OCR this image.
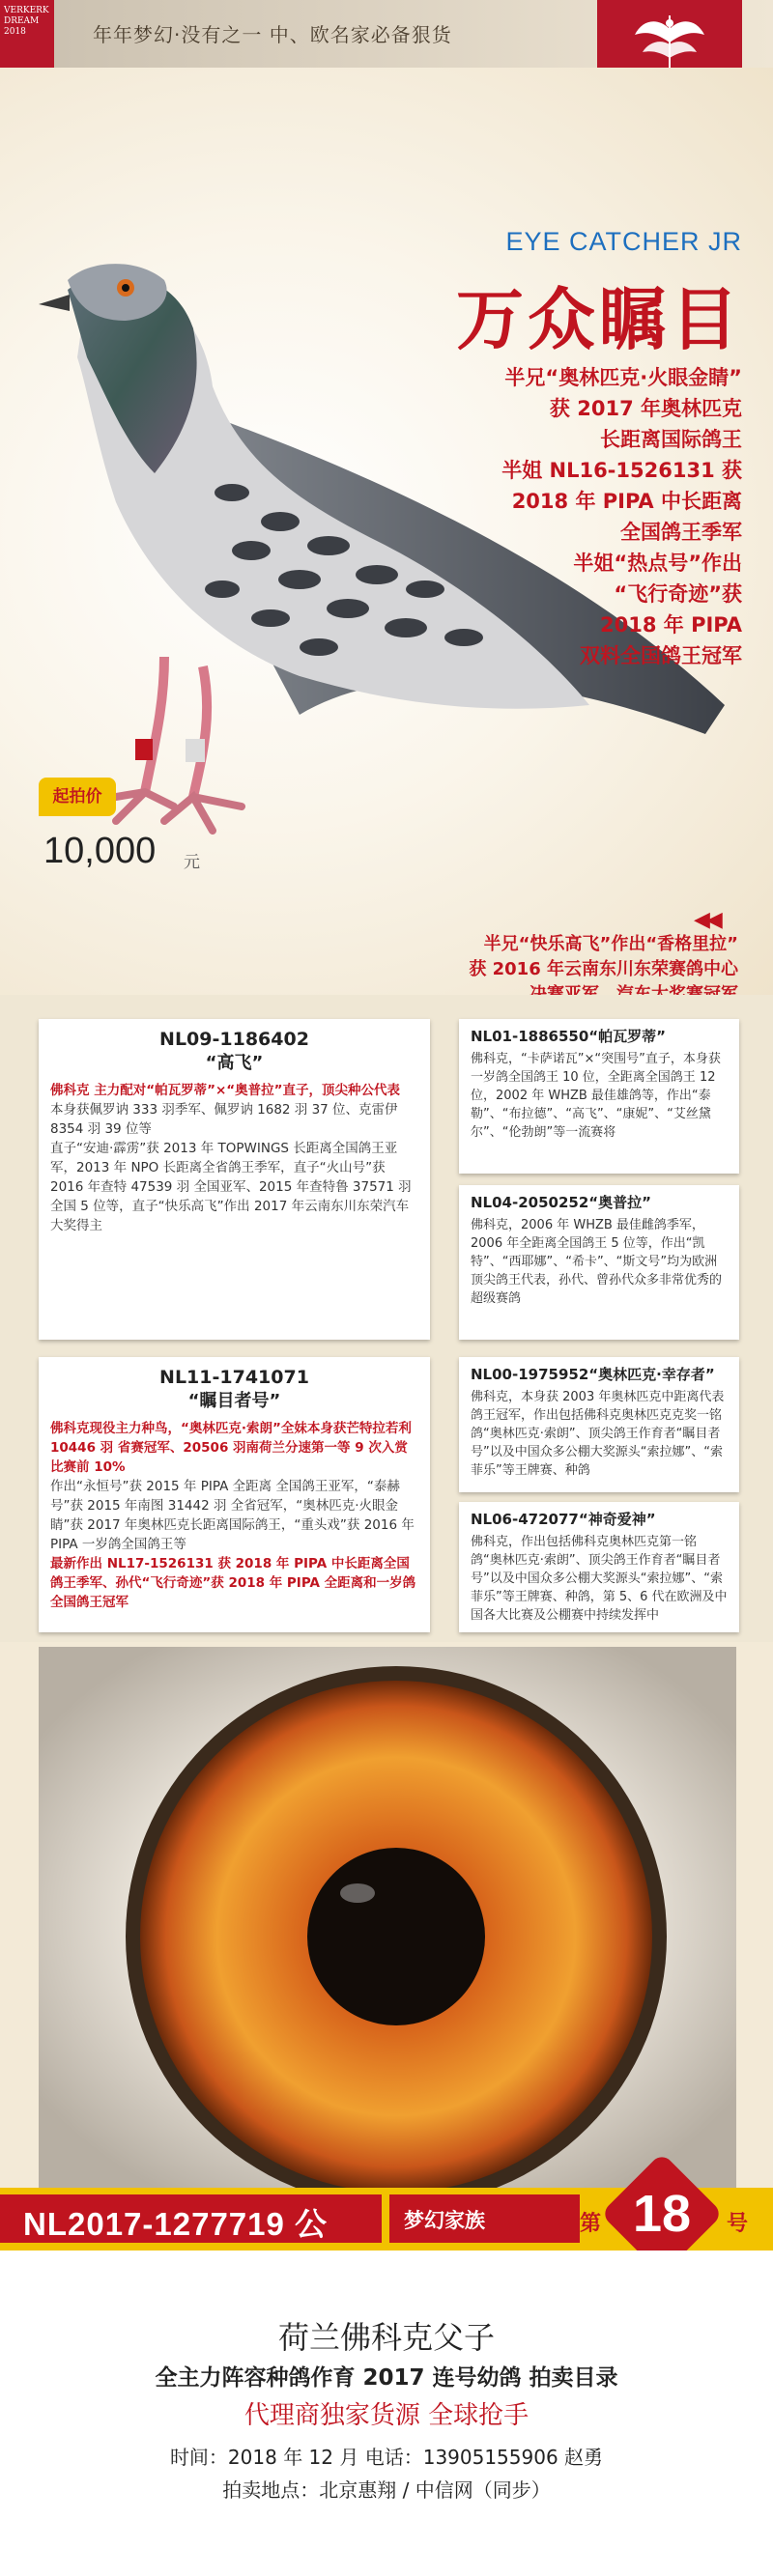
VERKERK
DREAM
2018	年年梦幻·没有之一 中、欧名家必备狠货
EYE CATCHER JR
万众瞩目
半兄“奥林匹克·火眼金睛”
获 2017 年奥林匹克
长距离国际鸽王
半姐 NL16-1526131 获
2018 年 PIPA 中长距离
全国鸽王季军
半姐“热点号”作出
“飞行奇迹”获
2018 年 PIPA
双料全国鸽王冠军
起拍价
10,000 元
◀◀
半兄“快乐高飞”作出“香格里拉”
获 2016 年云南东川东荣赛鸽中心
NL09-1186402
“高飞”

佛科克 主力配对“帕瓦罗蒂”×“奥普拉”直子，顶尖种公代表

本身获佩罗讷 333 羽季军、佩罗讷 1682 羽 37 位、克雷伊 8354 羽 39 位等
直子“安迪·霹雳”获 2013 年 TOPWINGS 长距离全国鸽王亚军，2013 年 NPO 长距离全省鸽王季军，直子“火山号”获 2016 年查特 47539 羽 全国亚军、2015 年查特鲁 37571 羽 全国 5 位等，直子“快乐高飞”作出 2017 年云南东川东荣汽车大奖得主

NL01-1886550“帕瓦罗蒂”

佛科克，“卡萨诺瓦”×“突围号”直子，本身获一岁鸽全国鸽王 10 位，全距离全国鸽王 12 位，2002 年 WHZB 最佳雄鸽等，作出“泰勒”、“布拉德”、“高飞”、“康妮”、“艾丝黛尔”、“伦勃朗”等一流赛将

NL04-2050252“奥普拉”

佛科克，2006 年 WHZB 最佳雌鸽季军，2006 年全距离全国鸽王 5 位等，作出“凯特”、“西耶娜”、“希卡”、“斯文号”均为欧洲顶尖鸽王代表，孙代、曾孙代众多非常优秀的超级赛鸽

NL11-1741071
“瞩目者号”

佛科克现役主力种鸟，“奥林匹克·索朗”全妹本身获芒特拉若利 10446 羽 省赛冠军、20506 羽南荷兰分速第一等 9 次入赏比赛前 10%

作出“永恒号”获 2015 年 PIPA 全距离 全国鸽王亚军，“泰赫号”获 2015 年南图 31442 羽 全省冠军，“奥林匹克·火眼金睛”获 2017 年奥林匹克长距离国际鸽王，“重头戏”获 2016 年 PIPA 一岁鸽全国鸽王等

最新作出 NL17-1526131 获 2018 年 PIPA 中长距离全国鸽王季军、孙代“飞行奇迹”获 2018 年 PIPA 全距离和一岁鸽全国鸽王冠军

NL00-1975952“奥林匹克·幸存者”

佛科克，本身获 2003 年奥林匹克中距离代表鸽王冠军，作出包括佛科克奥林匹克克奖一铭鸽“奥林匹克·索朗”、顶尖鸽王作育者“瞩目者号”以及中国众多公棚大奖源头“索拉娜”、“索菲乐”等王牌赛、种鸽

NL06-472077“神奇爱神”

佛科克，作出包括佛科克奥林匹克第一铭鸽“奥林匹克·索朗”、顶尖鸽王作育者“瞩目者号”以及中国众多公棚大奖源头“索拉娜”、“索菲乐”等王牌赛、种鸽，第 5、6 代在欧洲及中国各大比赛及公棚赛中持续发挥中

NL2017-1277719 公	梦幻家族	第 18	号
荷兰佛科克父子
全主力阵容种鸽作育 2017 连号幼鸽 拍卖目录
代理商独家货源 全球抢手
时间：2018 年 12 月 电话：13905155906 赵勇
拍卖地点：北京惠翔 / 中信网（同步）
